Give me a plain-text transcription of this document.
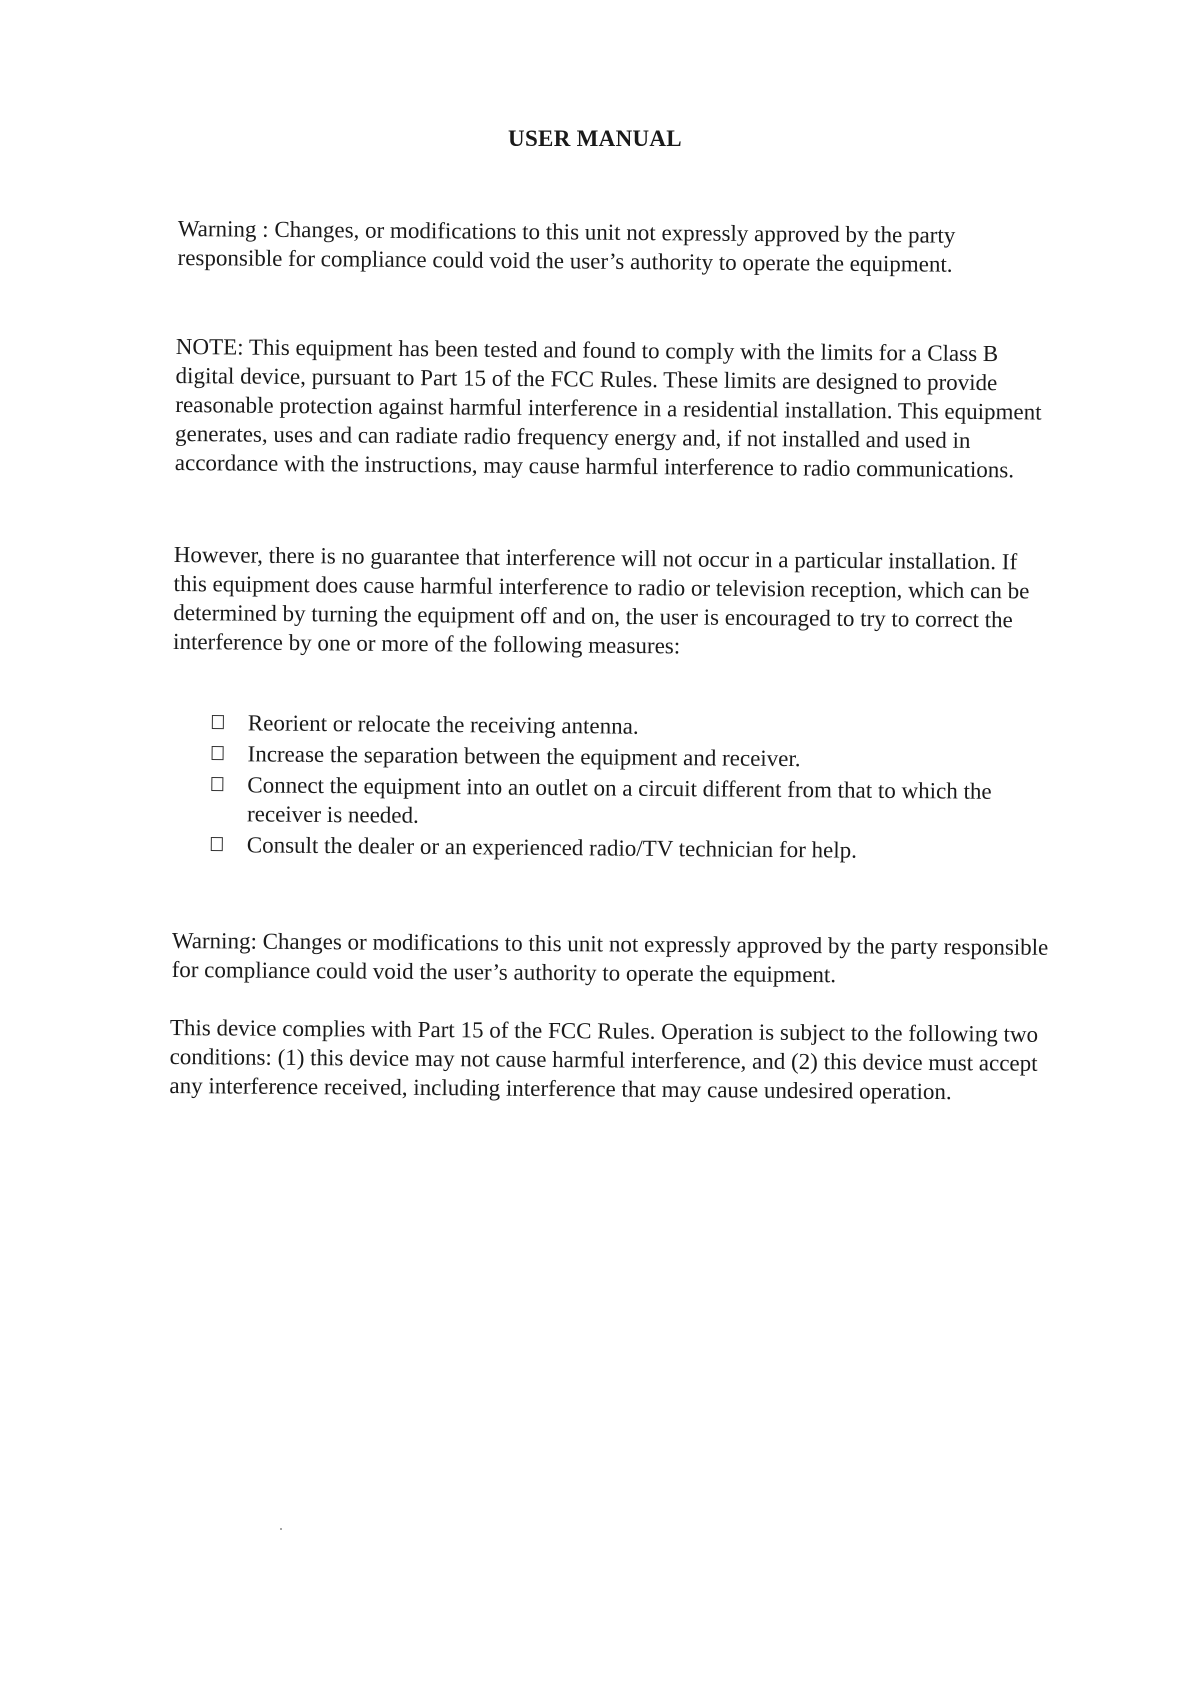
USER MANUAL

Warning : Changes, or modifications to this unit not expressly approved by the party responsible for compliance could void the user’s authority to operate the equipment.

NOTE: This equipment has been tested and found to comply with the limits for a Class B digital device, pursuant to Part 15 of the FCC Rules. These limits are designed to provide reasonable protection against harmful interference in a residential installation. This equipment generates, uses and can radiate radio frequency energy and, if not installed and used in accordance with the instructions, may cause harmful interference to radio communications.

However, there is no guarantee that interference will not occur in a particular installation. If this equipment does cause harmful interference to radio or television reception, which can be determined by turning the equipment off and on, the user is encouraged to try to correct the interference by one or more of the following measures:

Reorient or relocate the receiving antenna.
Increase the separation between the equipment and receiver.
Connect the equipment into an outlet on a circuit different from that to which the receiver is needed.
Consult the dealer or an experienced radio/TV technician for help.

Warning: Changes or modifications to this unit not expressly approved by the party responsible for compliance could void the user’s authority to operate the equipment.

This device complies with Part 15 of the FCC Rules. Operation is subject to the following two conditions: (1) this device may not cause harmful interference, and (2) this device must accept any interference received, including interference that may cause undesired operation.
